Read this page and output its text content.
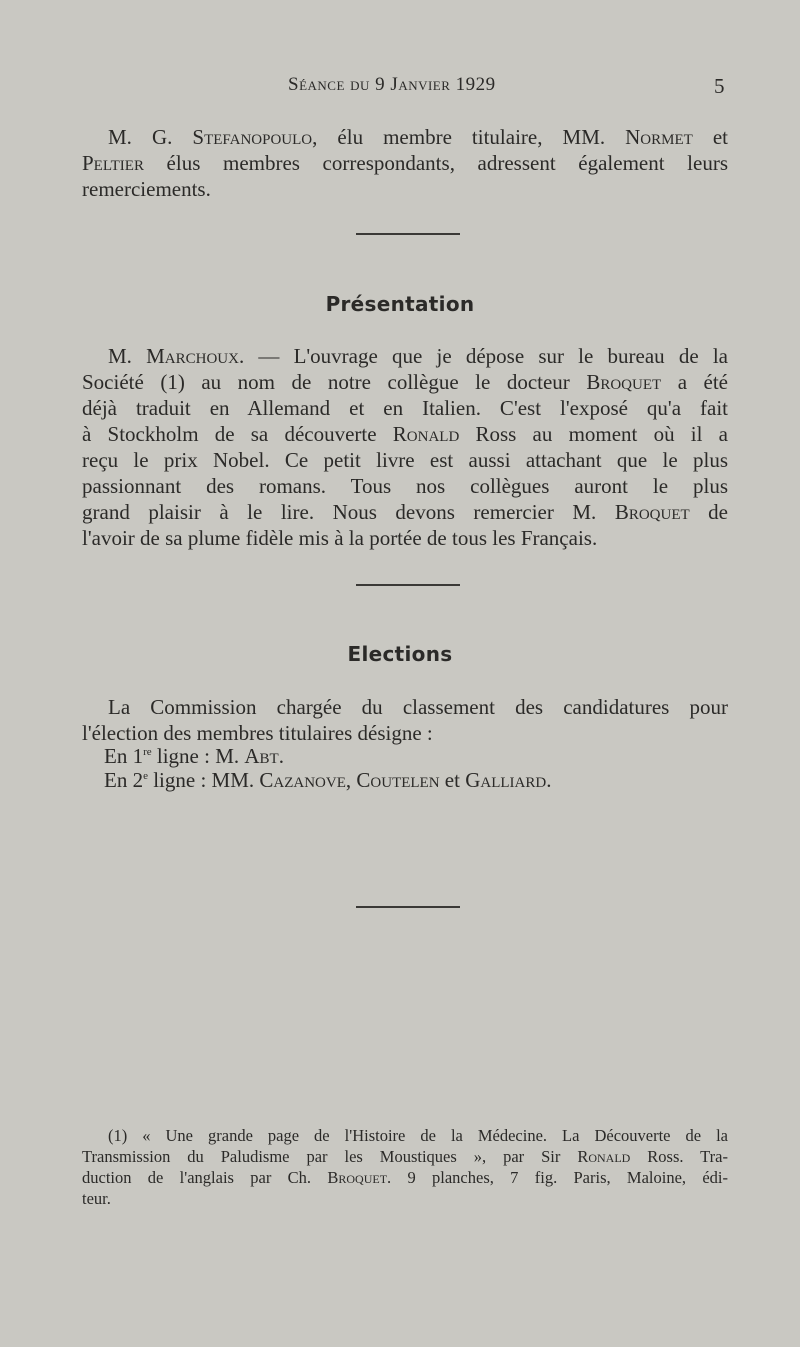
Séance du 9 Janvier 1929	5

M. G. Stefanopoulo, élu membre titulaire, MM. Normet et
Peltier élus membres correspondants, adressent également leurs
remerciements.

Présentation

M. Marchoux. — L'ouvrage que je dépose sur le bureau de la
Société (1) au nom de notre collègue le docteur Broquet a été
déjà traduit en Allemand et en Italien. C'est l'exposé qu'a fait
à Stockholm de sa découverte Ronald Ross au moment où il a
reçu le prix Nobel. Ce petit livre est aussi attachant que le plus
passionnant des romans. Tous nos collègues auront le plus
grand plaisir à le lire. Nous devons remercier M. Broquet de
l'avoir de sa plume fidèle mis à la portée de tous les Français.

Elections

La Commission chargée du classement des candidatures pour
l'élection des membres titulaires désigne :

En 1re ligne : M. Abt.
En 2e ligne : MM. Cazanove, Coutelen et Galliard.

(1) « Une grande page de l'Histoire de la Médecine. La Découverte de la
Transmission du Paludisme par les Moustiques », par Sir Ronald Ross. Tra-
duction de l'anglais par Ch. Broquet. 9 planches, 7 fig. Paris, Maloine, édi-
teur.
